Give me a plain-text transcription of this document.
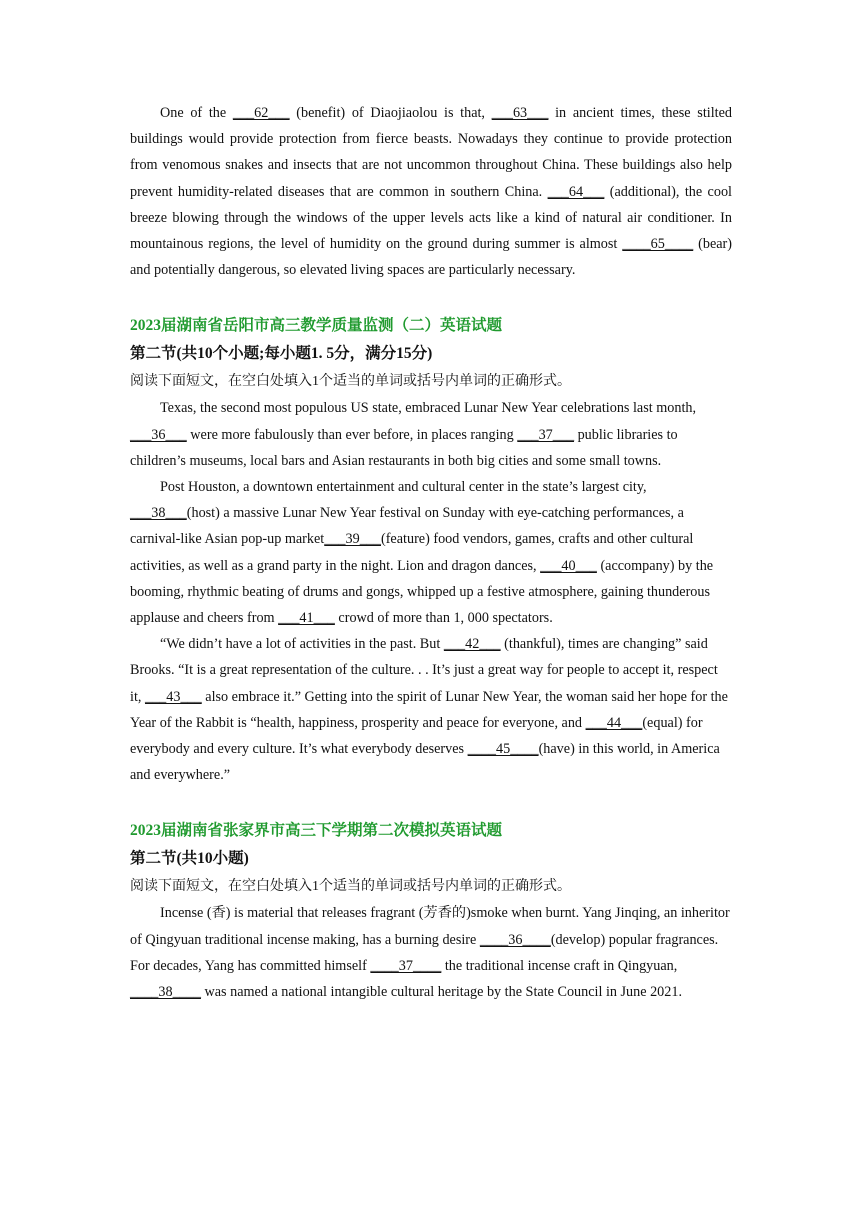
One of the ___62___ (benefit) of Diaojiaolou is that, ___63___ in ancient times, these stilted buildings would provide protection from fierce beasts. Nowadays they continue to provide protection from venomous snakes and insects that are not uncommon throughout China. These buildings also help prevent humidity-related diseases that are common in southern China. ___64___ (additional), the cool breeze blowing through the windows of the upper levels acts like a kind of natural air conditioner. In mountainous regions, the level of humidity on the ground during summer is almost ____65____ (bear) and potentially dangerous, so elevated living spaces are particularly necessary.

2023届湖南省岳阳市高三教学质量监测（二）英语试题
第二节(共10个小题;每小题1. 5分，满分15分)
阅读下面短文，在空白处填入1个适当的单词或括号内单词的正确形式。

Texas, the second most populous US state, embraced Lunar New Year celebrations last month, ___36___ were more fabulously than ever before, in places ranging ___37___ public libraries to children’s museums, local bars and Asian restaurants in both big cities and some small towns.

Post Houston, a downtown entertainment and cultural center in the state’s largest city, ___38___(host) a massive Lunar New Year festival on Sunday with eye-catching performances, a carnival-like Asian pop-up market___39___(feature) food vendors, games, crafts and other cultural activities, as well as a grand party in the night. Lion and dragon dances, ___40___ (accompany) by the booming, rhythmic beating of drums and gongs, whipped up a festive atmosphere, gaining thunderous applause and cheers from ___41___ crowd of more than 1, 000 spectators.

“We didn’t have a lot of activities in the past. But ___42___ (thankful), times are changing” said Brooks. “It is a great representation of the culture. . . It’s just a great way for people to accept it, respect it, ___43___ also embrace it.” Getting into the spirit of Lunar New Year, the woman said her hope for the Year of the Rabbit is “health, happiness, prosperity and peace for everyone, and ___44___(equal) for everybody and every culture. It’s what everybody deserves ____45____(have) in this world, in America and everywhere.”

2023届湖南省张家界市高三下学期第二次模拟英语试题
第二节(共10小题)
阅读下面短文，在空白处填入1个适当的单词或括号内单词的正确形式。

Incense (香) is material that releases fragrant (芳香的)smoke when burnt. Yang Jinqing, an inheritor of Qingyuan traditional incense making, has a burning desire ____36____(develop) popular fragrances. For decades, Yang has committed himself ____37____ the traditional incense craft in Qingyuan, ____38____ was named a national intangible cultural heritage by the State Council in June 2021.
